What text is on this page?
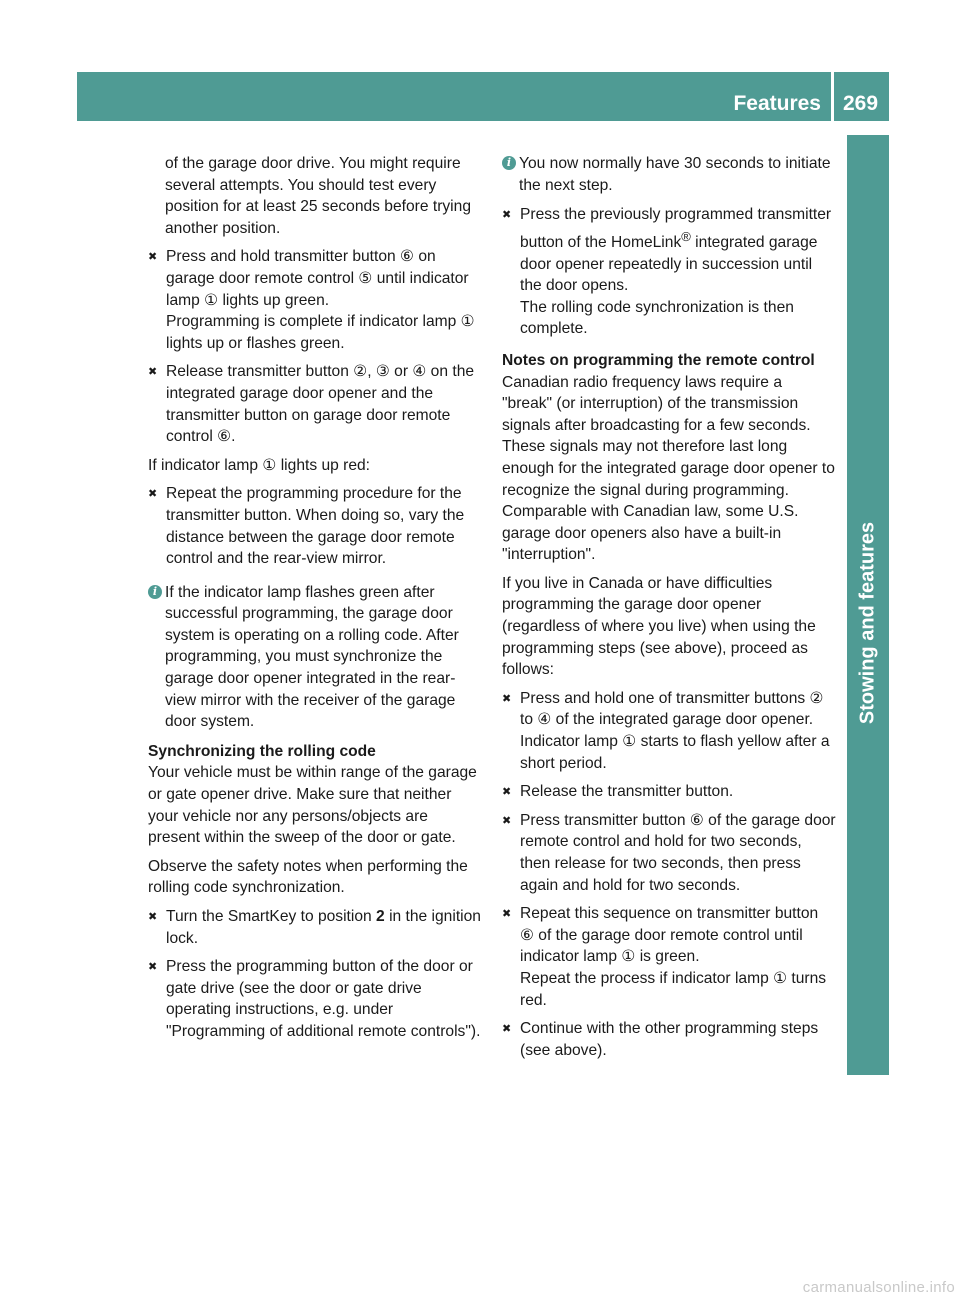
Features 269
Stowing and features

of the garage door drive. You might require several attempts. You should test every position for at least 25 seconds before trying another position.

✖ Press and hold transmitter button ⑥ on garage door remote control ⑤ until indicator lamp ① lights up green.
Programming is complete if indicator lamp ① lights up or flashes green.
✖ Release transmitter button ②, ③ or ④ on the integrated garage door opener and the transmitter button on garage door remote control ⑥.

If indicator lamp ① lights up red:

✖ Repeat the programming procedure for the transmitter button. When doing so, vary the distance between the garage door remote control and the rear-view mirror.
i If the indicator lamp flashes green after successful programming, the garage door system is operating on a rolling code. After programming, you must synchronize the garage door opener integrated in the rear-view mirror with the receiver of the garage door system.
Synchronizing the rolling code

Your vehicle must be within range of the garage or gate opener drive. Make sure that neither your vehicle nor any persons/objects are present within the sweep of the door or gate.

Observe the safety notes when performing the rolling code synchronization.

✖ Turn the SmartKey to position 2 in the ignition lock.
✖ Press the programming button of the door or gate drive (see the door or gate drive operating instructions, e.g. under "Programming of additional remote controls").
i You now normally have 30 seconds to initiate the next step.
✖ Press the previously programmed transmitter button of the HomeLink® integrated garage door opener repeatedly in succession until the door opens.
The rolling code synchronization is then complete.
Notes on programming the remote control

Canadian radio frequency laws require a "break" (or interruption) of the transmission signals after broadcasting for a few seconds. These signals may not therefore last long enough for the integrated garage door opener to recognize the signal during programming. Comparable with Canadian law, some U.S. garage door openers also have a built-in "interruption".

If you live in Canada or have difficulties programming the garage door opener (regardless of where you live) when using the programming steps (see above), proceed as follows:

✖ Press and hold one of transmitter buttons ② to ④ of the integrated garage door opener.
Indicator lamp ① starts to flash yellow after a short period.
✖ Release the transmitter button.
✖ Press transmitter button ⑥ of the garage door remote control and hold for two seconds, then release for two seconds, then press again and hold for two seconds.
✖ Repeat this sequence on transmitter button ⑥ of the garage door remote control until indicator lamp ① is green.
Repeat the process if indicator lamp ① turns red.
✖ Continue with the other programming steps (see above).
carmanualsonline.info
